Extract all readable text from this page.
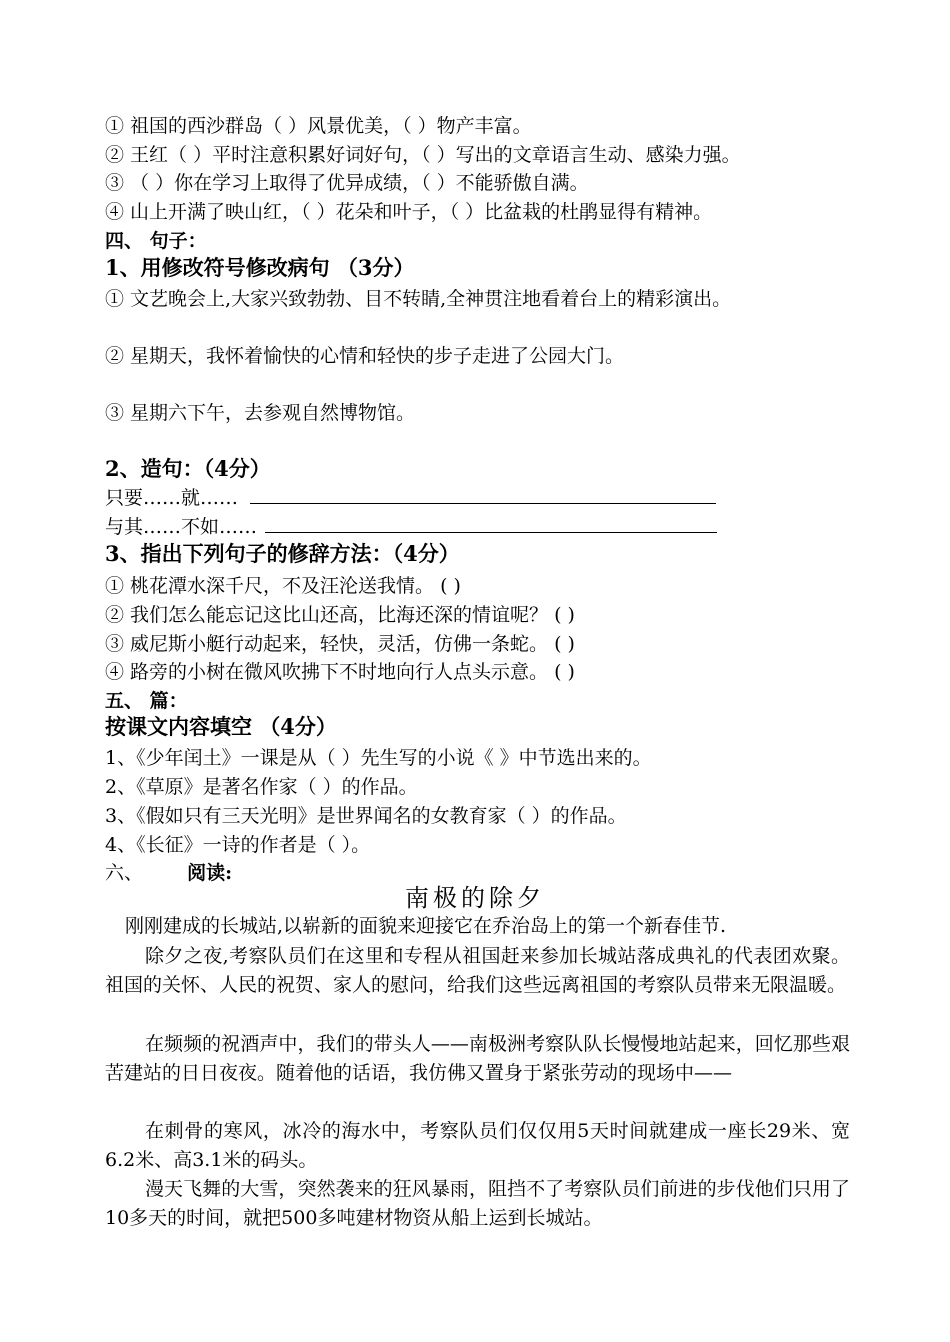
① 祖国的西沙群岛（ ）风景优美，（ ）物产丰富。
② 王红（ ）平时注意积累好词好句，（ ）写出的文章语言生动、感染力强。
③ （ ）你在学习上取得了优异成绩，（ ）不能骄傲自满。
④ 山上开满了映山红，（ ）花朵和叶子，（ ）比盆栽的杜鹃显得有精神。
四、 句子：
1、用修改符号修改病句 （3分）
① 文艺晚会上,大家兴致勃勃、目不转睛,全神贯注地看着台上的精彩演出。
② 星期天，我怀着愉快的心情和轻快的步子走进了公园大门。
③ 星期六下午，去参观自然博物馆。
2、造句：（4分）
只要……就……
与其……不如……
3、指出下列句子的修辞方法：（4分）
① 桃花潭水深千尺，不及汪沦送我情。 ( )
② 我们怎么能忘记这比山还高，比海还深的情谊呢？ ( )
③ 威尼斯小艇行动起来，轻快，灵活，仿佛一条蛇。 ( )
④ 路旁的小树在微风吹拂下不时地向行人点头示意。 ( )
五、 篇：
按课文内容填空 （4分）
1、《少年闰土》一课是从（ ）先生写的小说《 》中节选出来的。
2、《草原》是著名作家（ ）的作品。
3、《假如只有三天光明》是世界闻名的女教育家（ ）的作品。
4、《长征》一诗的作者是（ ）。
六、 阅读:
南极的除夕
刚刚建成的长城站,以崭新的面貌来迎接它在乔治岛上的第一个新春佳节.
除夕之夜,考察队员们在这里和专程从祖国赶来参加长城站落成典礼的代表团欢聚。祖国的关怀、人民的祝贺、家人的慰问，给我们这些远离祖国的考察队员带来无限温暖。
在频频的祝酒声中，我们的带头人——南极洲考察队队长慢慢地站起来，回忆那些艰苦建站的日日夜夜。随着他的话语，我仿佛又置身于紧张劳动的现场中——
在刺骨的寒风，冰冷的海水中，考察队员们仅仅用5天时间就建成一座长29米、宽6.2米、高3.1米的码头。
漫天飞舞的大雪，突然袭来的狂风暴雨，阻挡不了考察队员们前进的步伐他们只用了10多天的时间，就把500多吨建材物资从船上运到长城站。
